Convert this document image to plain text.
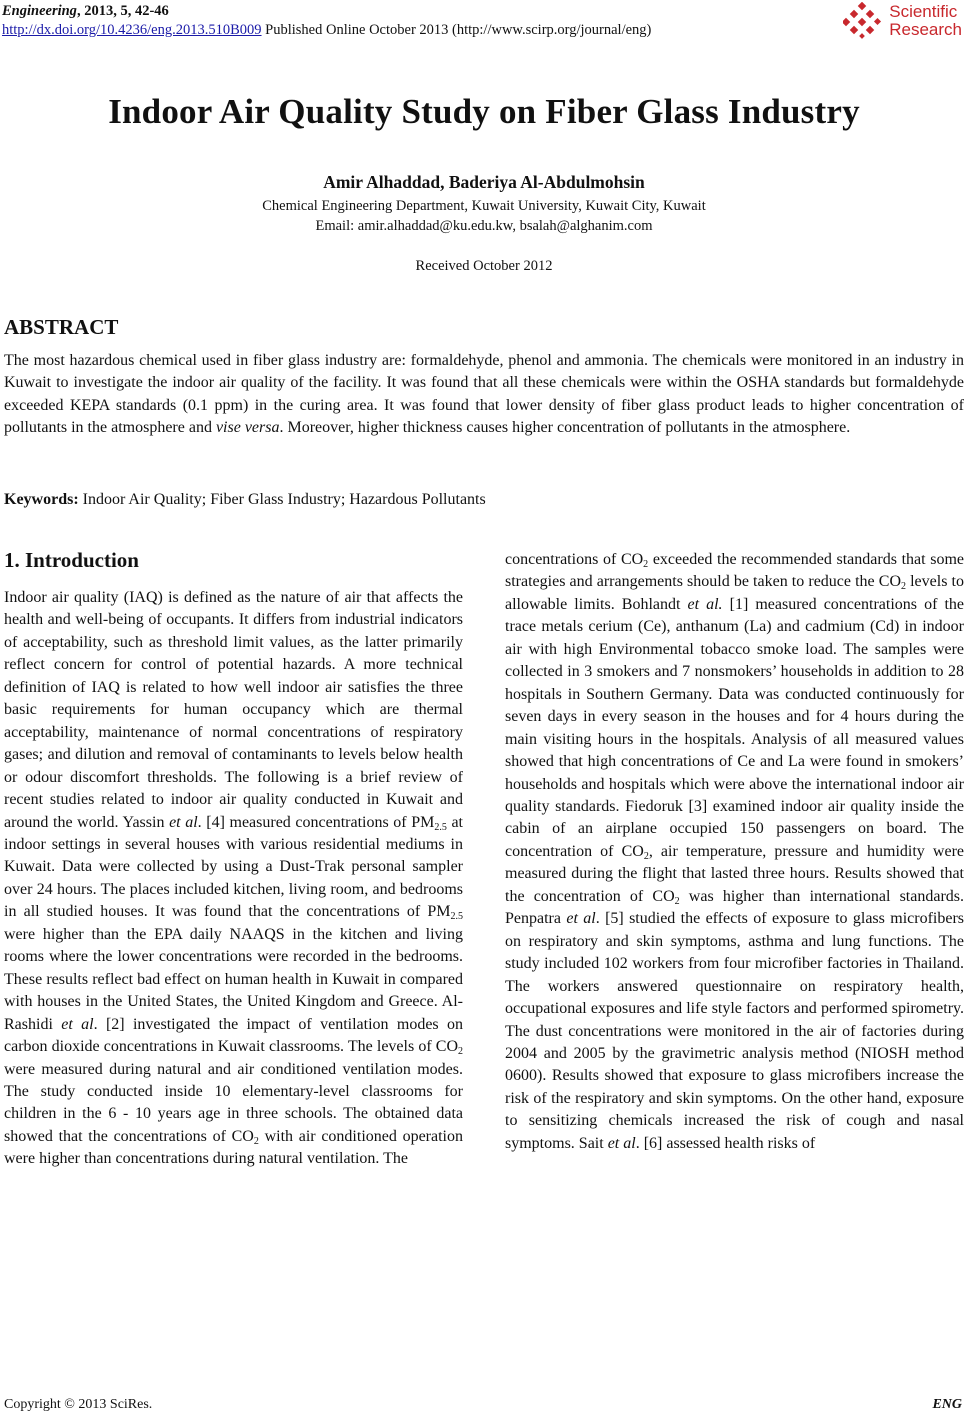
Engineering, 2013, 5, 42-46
http://dx.doi.org/10.4236/eng.2013.510B009 Published Online October 2013 (http://www.scirp.org/journal/eng)
Scientific
Research
Indoor Air Quality Study on Fiber Glass Industry
Amir Alhaddad, Baderiya Al-Abdulmohsin
Chemical Engineering Department, Kuwait University, Kuwait City, Kuwait
Email: amir.alhaddad@ku.edu.kw, bsalah@alghanim.com
Received October 2012
ABSTRACT
The most hazardous chemical used in fiber glass industry are: formaldehyde, phenol and ammonia. The chemicals were monitored in an industry in Kuwait to investigate the indoor air quality of the facility. It was found that all these chemicals were within the OSHA standards but formaldehyde exceeded KEPA standards (0.1 ppm) in the curing area. It was found that lower density of fiber glass product leads to higher concentration of pollutants in the atmosphere and vise versa. Moreover, higher thickness causes higher concentration of pollutants in the atmosphere.
Keywords: Indoor Air Quality; Fiber Glass Industry; Hazardous Pollutants
1. Introduction

Indoor air quality (IAQ) is defined as the nature of air that affects the health and well-being of occupants. It differs from industrial indicators of acceptability, such as threshold limit values, as the latter primarily reflect concern for control of potential hazards. A more technical definition of IAQ is related to how well indoor air satisfies the three basic requirements for human occupancy which are thermal acceptability, maintenance of normal concentrations of respiratory gases; and dilution and removal of contaminants to levels below health or odour discomfort thresholds. The following is a brief review of recent studies related to indoor air quality conducted in Kuwait and around the world. Yassin et al. [4] measured concentrations of $PM_{2.5}$ at indoor settings in several houses with various residential mediums in Kuwait. Data were collected by using a Dust-Trak personal sampler over 24 hours. The places included kitchen, living room, and bedrooms in all studied houses. It was found that the concentrations of $PM_{2.5}$ were higher than the EPA daily NAAQS in the kitchen and living rooms where the lower concentrations were recorded in the bedrooms. These results reflect bad effect on human health in Kuwait in compared with houses in the United States, the United Kingdom and Greece. Al-Rashidi et al. [2] investigated the impact of ventilation modes on carbon dioxide concentrations in Kuwait classrooms. The levels of $CO_2$ were measured during natural and air conditioned ventilation modes. The study conducted inside 10 elementary-level classrooms for children in the 6 - 10 years age in three schools. The obtained data showed that the concentrations of $CO_2$ with air conditioned operation were higher than concentrations during natural ventilation. The

concentrations of $CO_2$ exceeded the recommended standards that some strategies and arrangements should be taken to reduce the $CO_2$ levels to allowable limits. Bohlandt et al. [1] measured concentrations of the trace metals cerium (Ce), anthanum (La) and cadmium (Cd) in indoor air with high Environmental tobacco smoke load. The samples were collected in 3 smokers and 7 nonsmokers’ households in addition to 28 hospitals in Southern Germany. Data was conducted continuously for seven days in every season in the houses and for 4 hours during the main visiting hours in the hospitals. Analysis of all measured values showed that high concentrations of Ce and La were found in smokers’ households and hospitals which were above the international indoor air quality standards. Fiedoruk [3] examined indoor air quality inside the cabin of an airplane occupied 150 passengers on board. The concentration of $CO_2$, air temperature, pressure and humidity were measured during the flight that lasted three hours. Results showed that the concentration of $CO_2$ was higher than international standards. Penpatra et al. [5] studied the effects of exposure to glass microfibers on respiratory and skin symptoms, asthma and lung functions. The study included 102 workers from four microfiber factories in Thailand. The workers answered questionnaire on respiratory health, occupational exposures and life style factors and performed spirometry. The dust concentrations were monitored in the air of factories during 2004 and 2005 by the gravimetric analysis method (NIOSH method 0600). Results showed that exposure to glass microfibers increase the risk of the respiratory and skin symptoms. On the other hand, exposure to sensitizing chemicals increased the risk of cough and nasal symptoms. Sait et al. [6] assessed health risks of

Copyright © 2013 SciRes.	ENG
